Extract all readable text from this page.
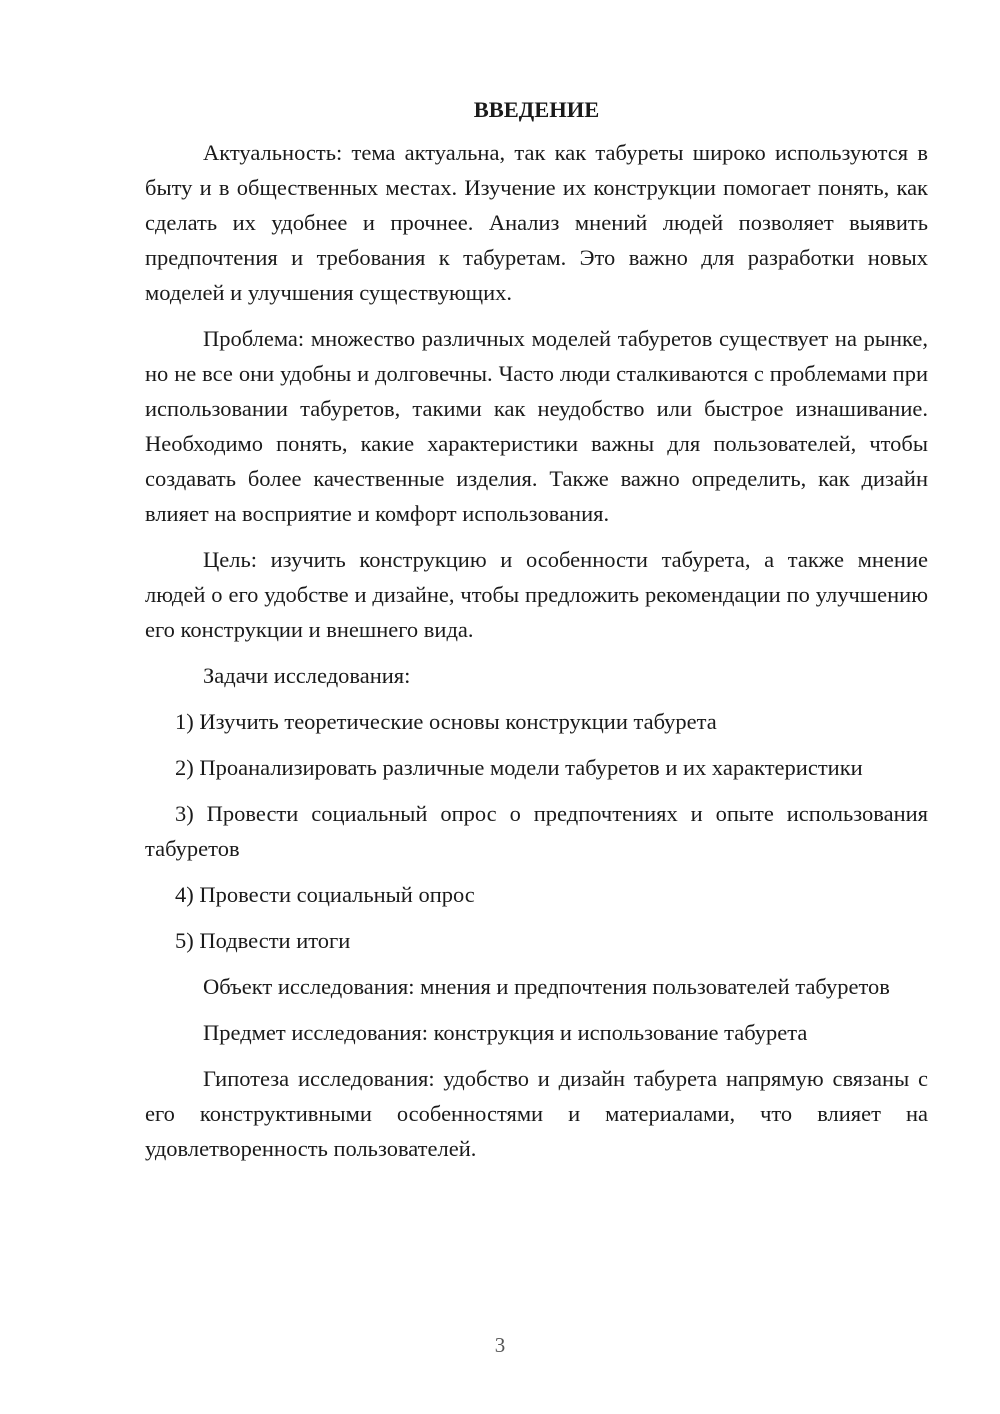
ВВЕДЕНИЕ

Актуальность: тема актуальна, так как табуреты широко используются в быту и в общественных местах. Изучение их конструкции помогает понять, как сделать их удобнее и прочнее. Анализ мнений людей позволяет выявить предпочтения и требования к табуретам. Это важно для разработки новых моделей и улучшения существующих.

Проблема: множество различных моделей табуретов существует на рынке, но не все они удобны и долговечны. Часто люди сталкиваются с проблемами при использовании табуретов, такими как неудобство или быстрое изнашивание. Необходимо понять, какие характеристики важны для пользователей, чтобы создавать более качественные изделия. Также важно определить, как дизайн влияет на восприятие и комфорт использования.

Цель: изучить конструкцию и особенности табурета, а также мнение людей о его удобстве и дизайне, чтобы предложить рекомендации по улучшению его конструкции и внешнего вида.

Задачи исследования:

1) Изучить теоретические основы конструкции табурета

2) Проанализировать различные модели табуретов и их характеристики

3) Провести социальный опрос о предпочтениях и опыте использования табуретов

4) Провести социальный опрос

5) Подвести итоги

Объект исследования: мнения и предпочтения пользователей табуретов

Предмет исследования: конструкция и использование табурета

Гипотеза исследования: удобство и дизайн табурета напрямую связаны с его конструктивными особенностями и материалами, что влияет на удовлетворенность пользователей.

3
